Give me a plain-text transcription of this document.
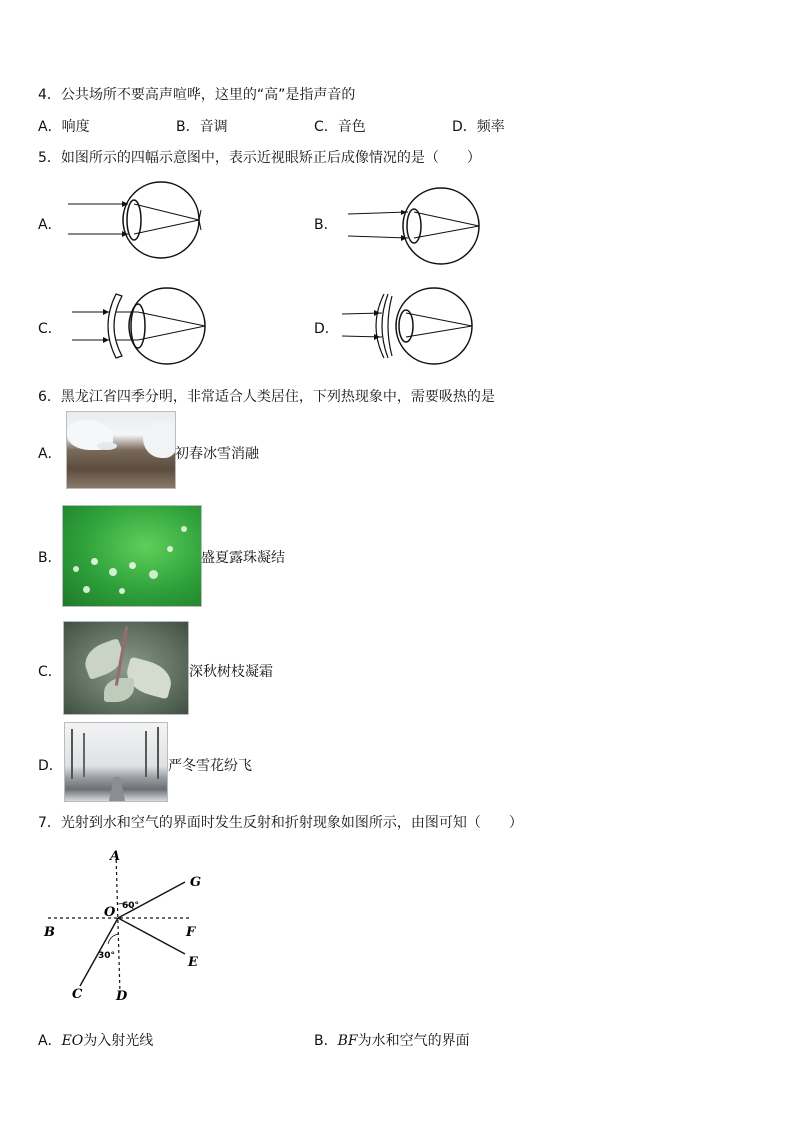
4．公共场所不要高声喧哗，这里的“高”是指声音的
A．响度	B．音调	C．音色	D．频率
5．如图所示的四幅示意图中，表示近视眼矫正后成像情况的是（　　）
A．	B．
C．	D．
6．黑龙江省四季分明，非常适合人类居住，下列热现象中，需要吸热的是
A．	初春冰雪消融
B．	盛夏露珠凝结
C．	深秋树枝凝霜
D．	严冬雪花纷飞
7．光射到水和空气的界面时发生反射和折射现象如图所示，由图可知（　　）
A
G
O 60°
B	F
E
30°
C	D
A．EO为入射光线	B．BF为水和空气的界面
